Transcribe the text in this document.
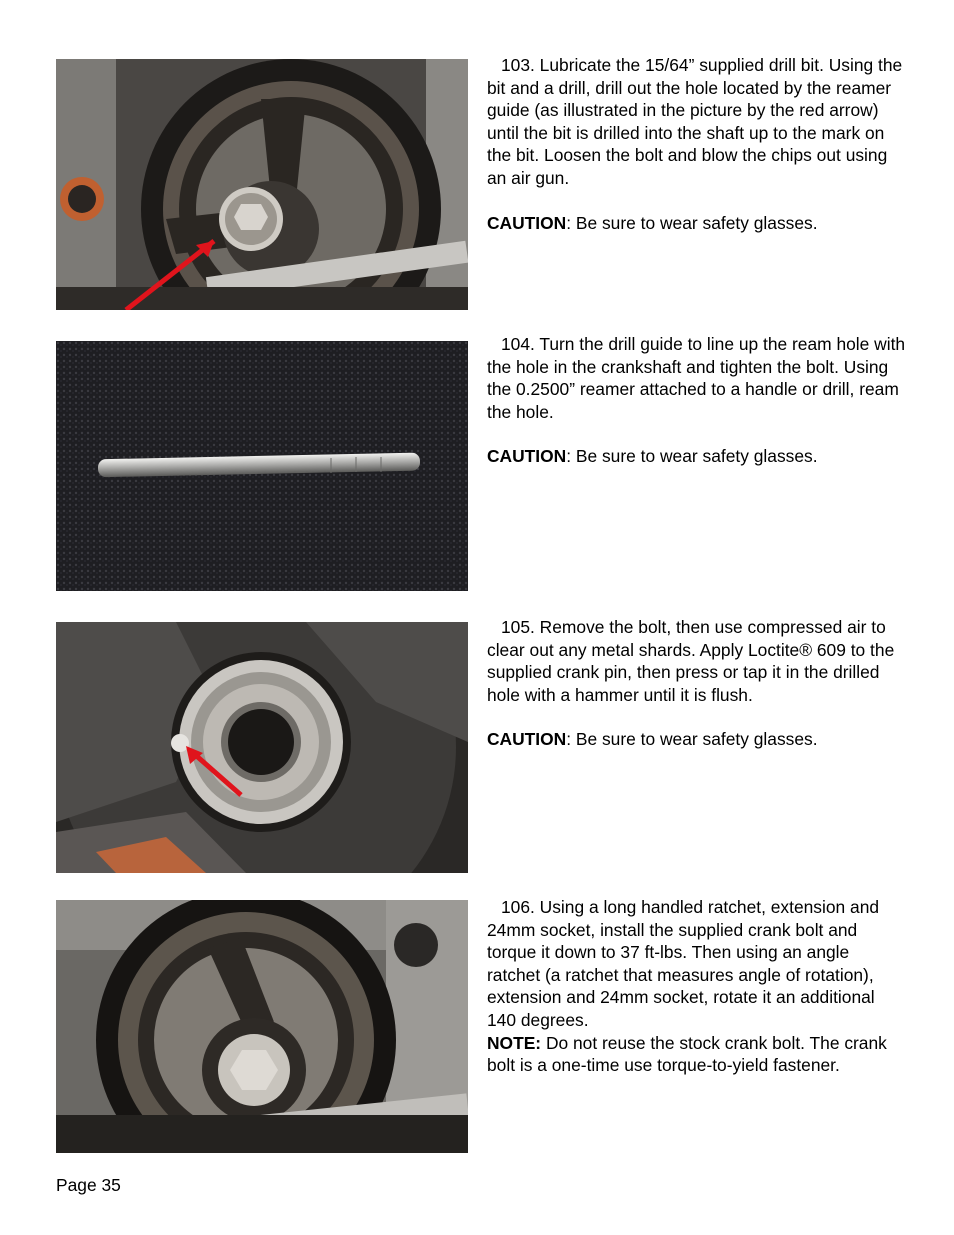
103. Lubricate the 15/64” supplied drill bit. Using the bit and a drill, drill out the hole located by the reamer guide (as illustrated in the picture by the red arrow) until the bit is drilled into the shaft up to the mark on the bit. Loosen the bolt and blow the chips out using an air gun.

CAUTION: Be sure to wear safety glasses.

104. Turn the drill guide to line up the ream hole with the hole in the crankshaft and tighten the bolt. Using the 0.2500” reamer attached to a handle or drill, ream the hole.

CAUTION: Be sure to wear safety glasses.

105. Remove the bolt, then use compressed air to clear out any metal shards. Apply Loctite® 609 to the supplied crank pin, then press or tap it in the drilled hole with a hammer until it is flush.

CAUTION: Be sure to wear safety glasses.

106. Using a long handled ratchet, extension and 24mm socket, install the supplied crank bolt and torque it down to 37 ft-lbs. Then using an angle ratchet (a ratchet that measures angle of rotation), extension and 24mm socket, rotate it an additional 140 degrees.

NOTE: Do not reuse the stock crank bolt. The crank bolt is a one-time use torque-to-yield fastener.

Page 35
